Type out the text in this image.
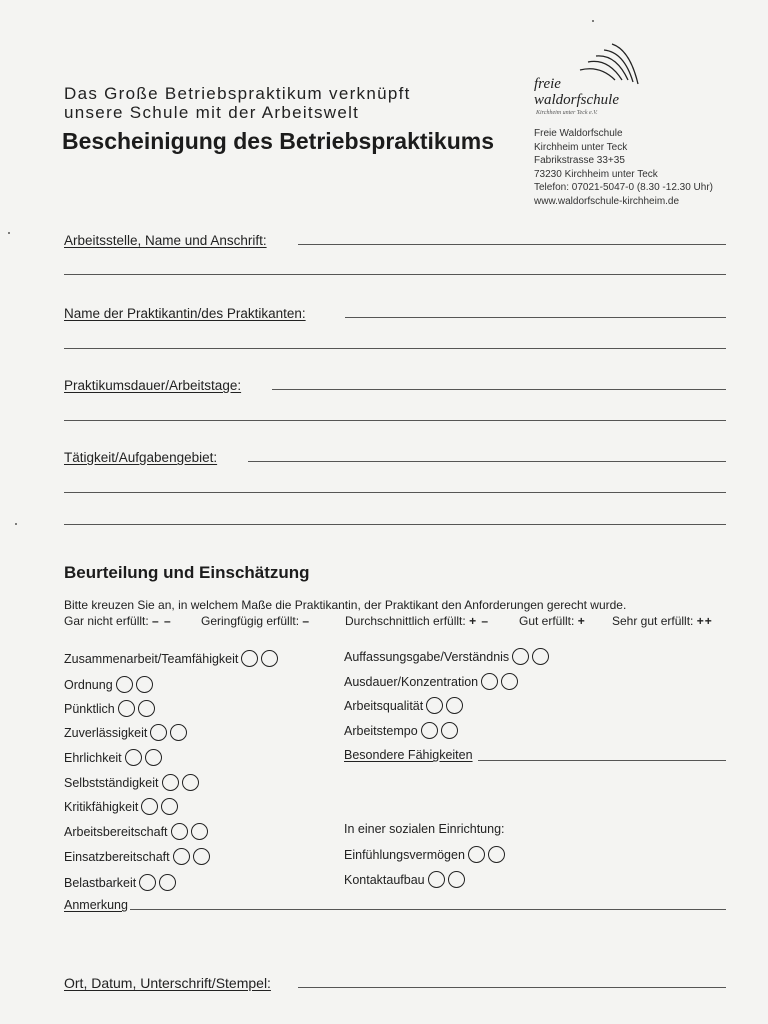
Das Große Betriebspraktikum verknüpft
unsere Schule mit der Arbeitswelt
Bescheinigung des Betriebspraktikums
freie
waldorfschule
Kirchheim unter Teck e.V.
Freie Waldorfschule
Kirchheim unter Teck
Fabrikstrasse 33+35
73230 Kirchheim unter Teck
Telefon: 07021-5047-0 (8.30 -12.30 Uhr)
www.waldorfschule-kirchheim.de
Arbeitsstelle, Name und Anschrift:
Name der Praktikantin/des Praktikanten:
Praktikumsdauer/Arbeitstage:
Tätigkeit/Aufgabengebiet:
Beurteilung und Einschätzung
Bitte kreuzen Sie an, in welchem Maße die Praktikantin, der Praktikant den Anforderungen gerecht wurde.
Gar nicht erfüllt: – – Geringfügig erfüllt: –	Durchschnittlich erfüllt: + – Gut erfüllt: + Sehr gut erfüllt: ++
Zusammenarbeit/Teamfähigkeit
Ordnung
Pünktlich
Zuverlässigkeit
Ehrlichkeit
Selbstständigkeit
Kritikfähigkeit
Arbeitsbereitschaft
Einsatzbereitschaft
Belastbarkeit
Auffassungsgabe/Verständnis
Ausdauer/Konzentration
Arbeitsqualität
Arbeitstempo
Besondere Fähigkeiten
In einer sozialen Einrichtung:
Einfühlungsvermögen
Kontaktaufbau
Anmerkung
Ort, Datum, Unterschrift/Stempel:
